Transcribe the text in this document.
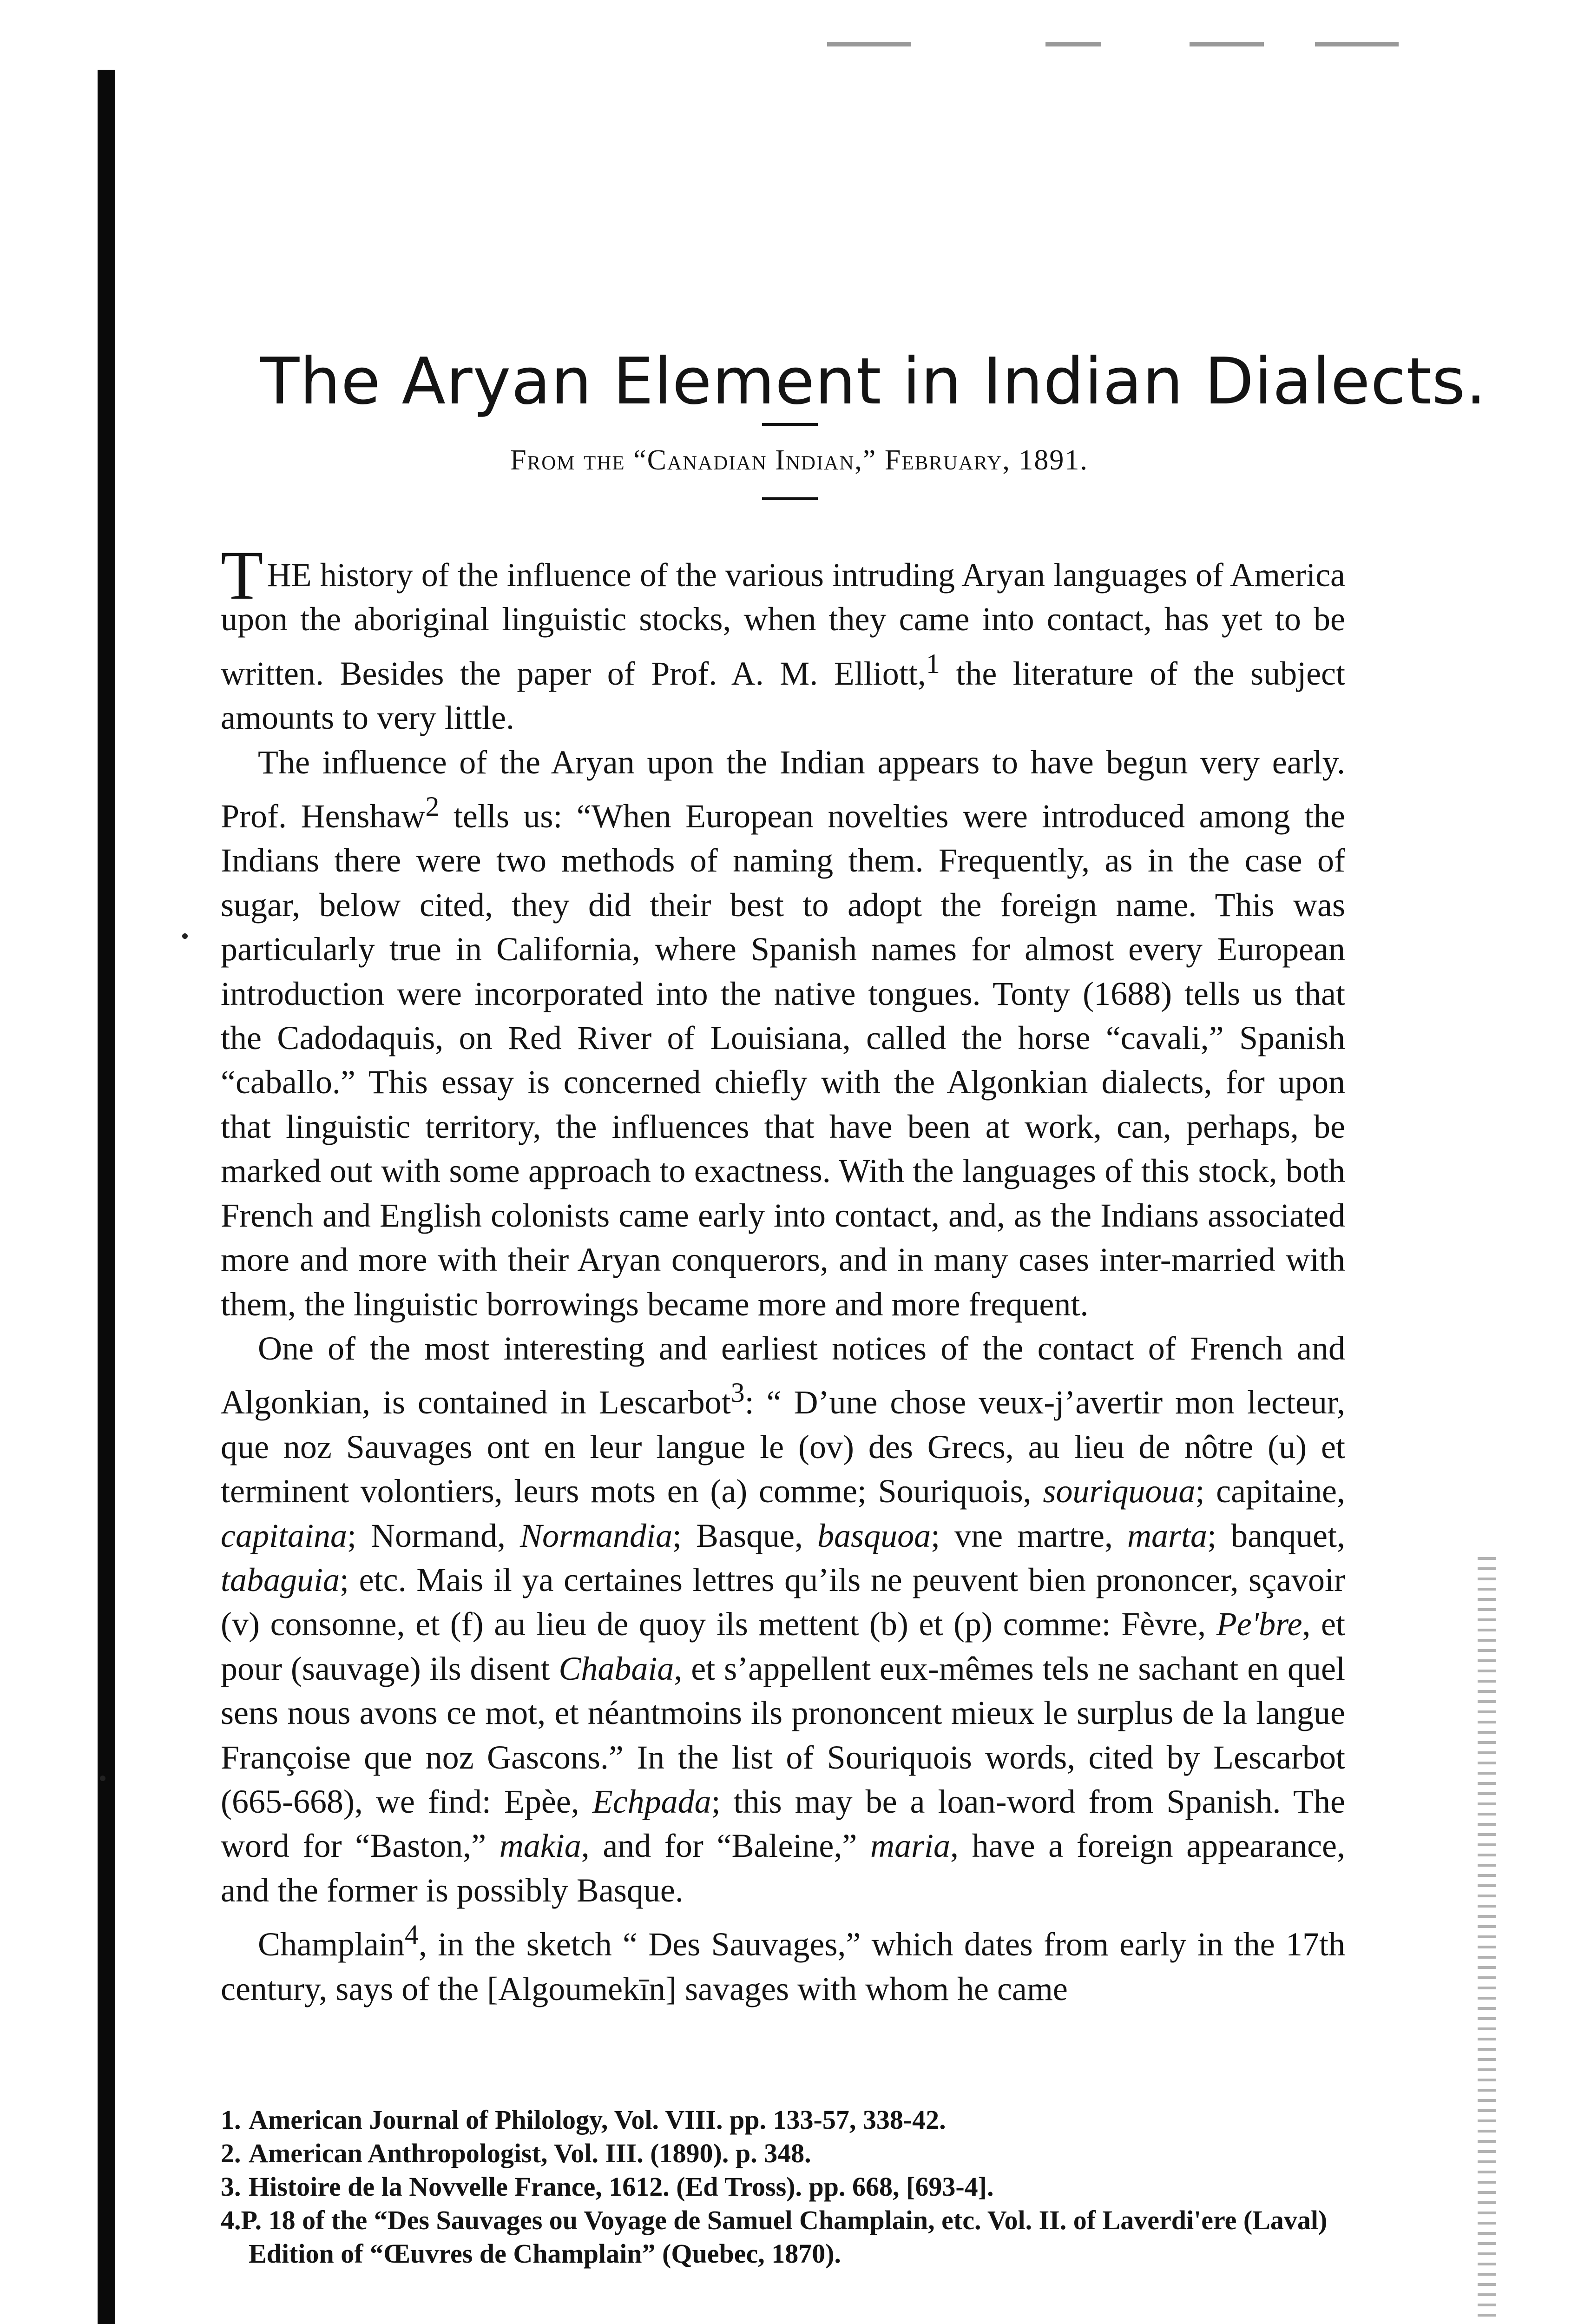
The Aryan Element in Indian Dialects.
From the “Canadian Indian,” February, 1891.

THE history of the influence of the various intruding Aryan languages of America upon the aboriginal linguistic stocks, when they came into contact, has yet to be written. Besides the paper of Prof. A. M. Elliott,$^1$ the literature of the subject amounts to very little.

The influence of the Aryan upon the Indian appears to have begun very early. Prof. Henshaw$^2$ tells us: “When European novelties were introduced among the Indians there were two methods of naming them. Frequently, as in the case of sugar, below cited, they did their best to adopt the foreign name. This was particularly true in California, where Spanish names for almost every European introduction were incorporated into the native tongues. Tonty (1688) tells us that the Cadodaquis, on Red River of Louisiana, called the horse “cavali,” Spanish “caballo.” This essay is concerned chiefly with the Algonkian dialects, for upon that linguistic territory, the influences that have been at work, can, perhaps, be marked out with some approach to exactness. With the languages of this stock, both French and English colonists came early into contact, and, as the Indians associated more and more with their Aryan conquerors, and in many cases inter-married with them, the linguistic borrowings became more and more frequent.

One of the most interesting and earliest notices of the contact of French and Algonkian, is contained in Lescarbot$^3$: “ D’une chose veux-j’avertir mon lecteur, que noz Sauvages ont en leur langue le (ov) des Grecs, au lieu de nôtre (u) et terminent volontiers, leurs mots en (a) comme; Souriquois, souriquoua; capitaine, capitaina; Normand, Normandia; Basque, basquoa; vne martre, marta; banquet, tabaguia; etc. Mais il ya certaines lettres qu’ils ne peuvent bien prononcer, sçavoir (v) consonne, et (f) au lieu de quoy ils mettent (b) et (p) comme: Fèvre, Pe'bre, et pour (sauvage) ils disent Chabaia, et s’appellent eux-mêmes tels ne sachant en quel sens nous avons ce mot, et néantmoins ils prononcent mieux le surplus de la langue Françoise que noz Gascons.” In the list of Souriquois words, cited by Lescarbot (665-668), we find: Epèe, Echpada; this may be a loan-word from Spanish. The word for “Baston,” makia, and for “Baleine,” maria, have a foreign appearance, and the former is possibly Basque.

Champlain$^4$, in the sketch “ Des Sauvages,” which dates from early in the 17th century, says of the [Algoumekīn] savages with whom he came

1. American Journal of Philology, Vol. VIII. pp. 133-57, 338-42.

2. American Anthropologist, Vol. III. (1890). p. 348.

3. Histoire de la Novvelle France, 1612. (Ed Tross). pp. 668, [693-4].

4.P. 18 of the “Des Sauvages ou Voyage de Samuel Champlain, etc. Vol. II. of Laverdi'ere (Laval) Edition of “Œuvres de Champlain” (Quebec, 1870).
